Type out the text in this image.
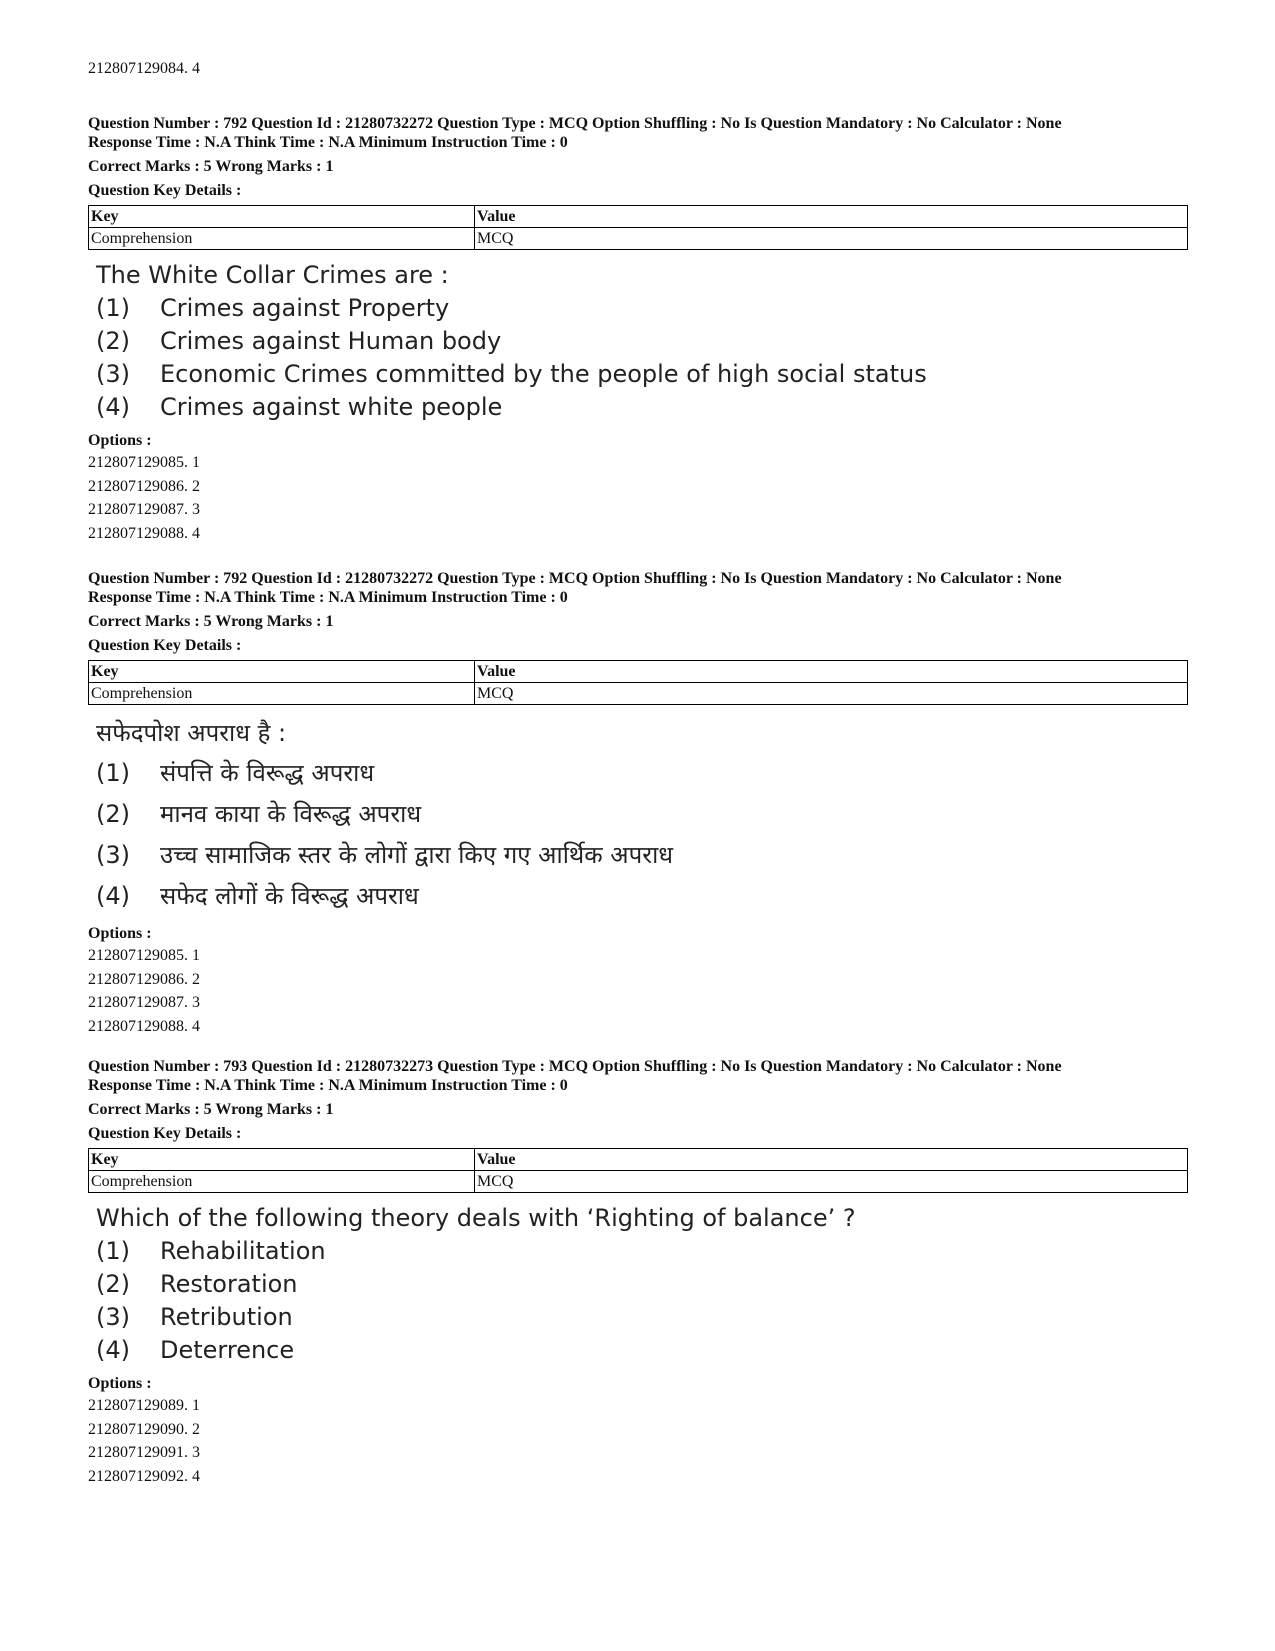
212807129084. 4
Question Number : 792 Question Id : 21280732272 Question Type : MCQ Option Shuffling : No Is Question Mandatory : No Calculator : None
Response Time : N.A Think Time : N.A Minimum Instruction Time : 0
Correct Marks : 5 Wrong Marks : 1
Question Key Details :
Key	Value
Comprehension	MCQ
The White Collar Crimes are :
(1)	Crimes against Property
(2)	Crimes against Human body
(3)	Economic Crimes committed by the people of high social status
(4)	Crimes against white people
Options :
212807129085. 1
212807129086. 2
212807129087. 3
212807129088. 4
Question Number : 792 Question Id : 21280732272 Question Type : MCQ Option Shuffling : No Is Question Mandatory : No Calculator : None
Response Time : N.A Think Time : N.A Minimum Instruction Time : 0
Correct Marks : 5 Wrong Marks : 1
Question Key Details :
Key	Value
Comprehension	MCQ
सफेदपोश अपराध है :
(1)	संपत्ति के विरूद्ध अपराध
(2)	मानव काया के विरूद्ध अपराध
(3)	उच्च सामाजिक स्तर के लोगों द्वारा किए गए आर्थिक अपराध
(4)	सफेद लोगों के विरूद्ध अपराध
Options :
212807129085. 1
212807129086. 2
212807129087. 3
212807129088. 4
Question Number : 793 Question Id : 21280732273 Question Type : MCQ Option Shuffling : No Is Question Mandatory : No Calculator : None
Response Time : N.A Think Time : N.A Minimum Instruction Time : 0
Correct Marks : 5 Wrong Marks : 1
Question Key Details :
Key	Value
Comprehension	MCQ
Which of the following theory deals with ‘Righting of balance’ ?
(1)	Rehabilitation
(2)	Restoration
(3)	Retribution
(4)	Deterrence
Options :
212807129089. 1
212807129090. 2
212807129091. 3
212807129092. 4
